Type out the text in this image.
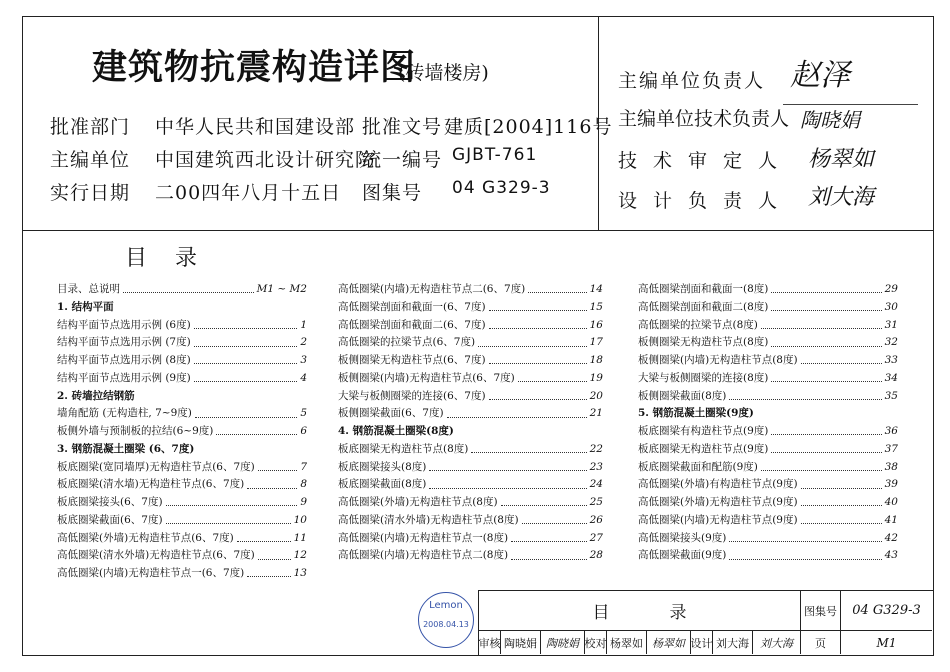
建筑物抗震构造详图
(砖墙楼房)
批准部门 中华人民共和国建设部 批准文号 建质[2004]116号
主编单位 中国建筑西北设计研究院
统一编号 GJBT-761
实行日期 二00四年八月十五日 图集号 04 G329-3
主编单位负责人 赵泽
主编单位技术负责人 陶晓娟
技术审定人 杨翠如
设计负责人 刘大海
目录
目录、总说明	M1 ~ M2
1. 结构平面
结构平面节点选用示例 (6度)	1
结构平面节点选用示例 (7度)	2
结构平面节点选用示例 (8度)	3
结构平面节点选用示例 (9度)	4
2. 砖墙拉结钢筋
墙角配筋 (无构造柱, 7~9度)	5
板侧外墙与预制板的拉结(6~9度)	6
3. 钢筋混凝土圈梁 (6、7度)
板底圈梁(宽同墙厚)无构造柱节点(6、7度)	7
板底圈梁(清水墙)无构造柱节点(6、7度)	8
板底圈梁接头(6、7度)	9
板底圈梁截面(6、7度)	10
高低圈梁(外墙)无构造柱节点(6、7度)	11
高低圈梁(清水外墙)无构造柱节点(6、7度)	12
高低圈梁(内墙)无构造柱节点一(6、7度)	13
高低圈梁(内墙)无构造柱节点二(6、7度)	14
高低圈梁剖面和截面一(6、7度)	15
高低圈梁剖面和截面二(6、7度)	16
高低圈梁的拉梁节点(6、7度)	17
板侧圈梁无构造柱节点(6、7度)	18
板侧圈梁(内墙)无构造柱节点(6、7度)	19
大梁与板侧圈梁的连接(6、7度)	20
板侧圈梁截面(6、7度)	21
4. 钢筋混凝土圈梁(8度)
板底圈梁无构造柱节点(8度)	22
板底圈梁接头(8度)	23
板底圈梁截面(8度)	24
高低圈梁(外墙)无构造柱节点(8度)	25
高低圈梁(清水外墙)无构造柱节点(8度)	26
高低圈梁(内墙)无构造柱节点一(8度)	27
高低圈梁(内墙)无构造柱节点二(8度)	28
高低圈梁剖面和截面一(8度)	29
高低圈梁剖面和截面二(8度)	30
高低圈梁的拉梁节点(8度)	31
板侧圈梁无构造柱节点(8度)	32
板侧圈梁(内墙)无构造柱节点(8度)	33
大梁与板侧圈梁的连接(8度)	34
板侧圈梁截面(8度)	35
5. 钢筋混凝土圈梁(9度)
板底圈梁有构造柱节点(9度)	36
板底圈梁无构造柱节点(9度)	37
板底圈梁截面和配筋(9度)	38
高低圈梁(外墙)有构造柱节点(9度)	39
高低圈梁(外墙)无构造柱节点(9度)	40
高低圈梁(内墙)无构造柱节点(9度)	41
高低圈梁接头(9度)	42
高低圈梁截面(9度)	43
Lemon
2008.04.13
目录	图集号 04 G329-3
审核 陶晓娟 陶晓娟 校对 杨翠如 杨翠如 设计 刘大海 刘大海 页	M1
